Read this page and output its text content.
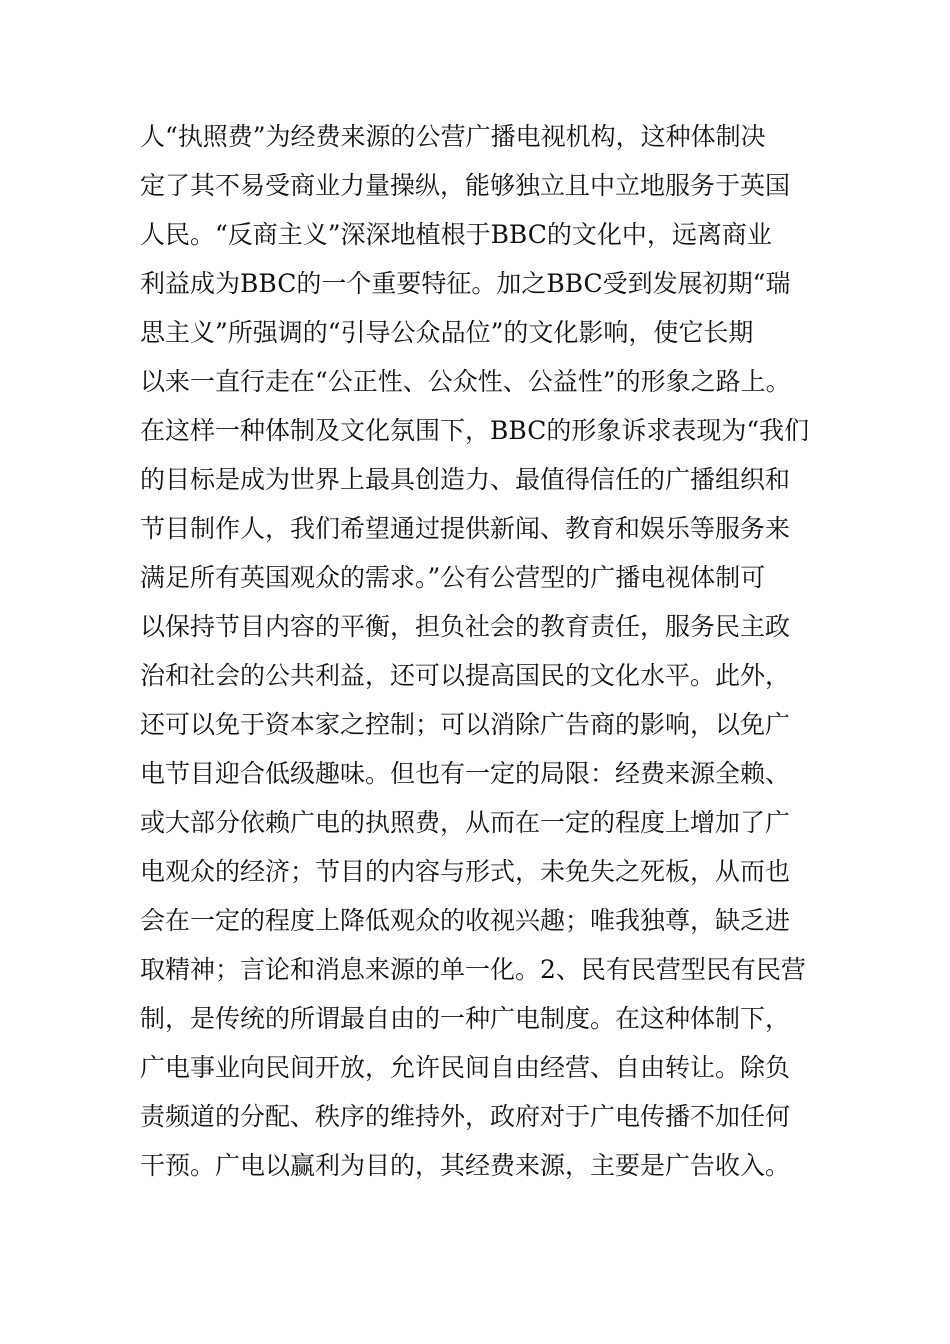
人“执照费”为经费来源的公营广播电视机构，这种体制决
定了其不易受商业力量操纵，能够独立且中立地服务于英国
人民。“反商主义”深深地植根于BBC的文化中，远离商业
利益成为BBC的一个重要特征。加之BBC受到发展初期“瑞
思主义”所强调的“引导公众品位”的文化影响，使它长期
以来一直行走在“公正性、公众性、公益性”的形象之路上。
在这样一种体制及文化氛围下，BBC的形象诉求表现为“我们
的目标是成为世界上最具创造力、最值得信任的广播组织和
节目制作人，我们希望通过提供新闻、教育和娱乐等服务来
满足所有英国观众的需求。”公有公营型的广播电视体制可
以保持节目内容的平衡，担负社会的教育责任，服务民主政
治和社会的公共利益，还可以提高国民的文化水平。此外，
还可以免于资本家之控制；可以消除广告商的影响，以免广
电节目迎合低级趣味。但也有一定的局限：经费来源全赖、
或大部分依赖广电的执照费，从而在一定的程度上增加了广
电观众的经济；节目的内容与形式，未免失之死板，从而也
会在一定的程度上降低观众的收视兴趣；唯我独尊，缺乏进
取精神；言论和消息来源的单一化。2、民有民营型民有民营
制，是传统的所谓最自由的一种广电制度。在这种体制下，
广电事业向民间开放，允许民间自由经营、自由转让。除负
责频道的分配、秩序的维持外，政府对于广电传播不加任何
干预。广电以赢利为目的，其经费来源，主要是广告收入。
